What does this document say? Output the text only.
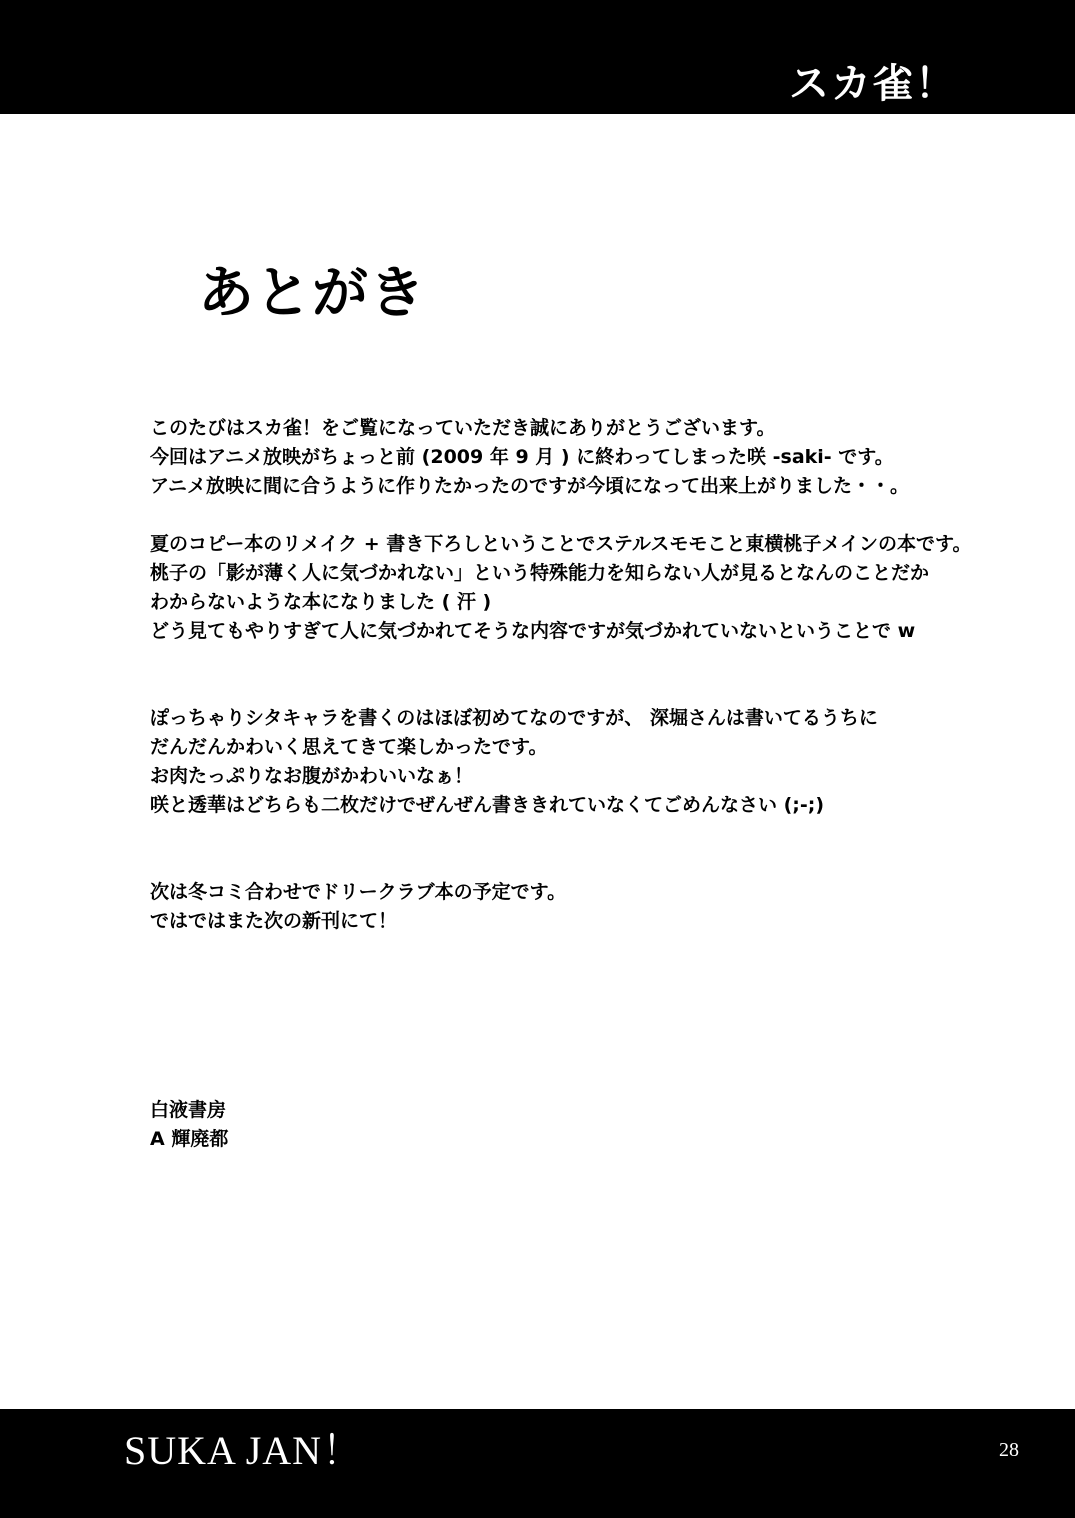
スカ雀！
あとがき

このたびはスカ雀！をご覧になっていただき誠にありがとうございます。
今回はアニメ放映がちょっと前 (2009 年 9 月 ) に終わってしまった咲 -saki- です。
アニメ放映に間に合うように作りたかったのですが今頃になって出来上がりました・・。

夏のコピー本のリメイク + 書き下ろしということでステルスモモこと東横桃子メインの本です。
桃子の「影が薄く人に気づかれない」という特殊能力を知らない人が見るとなんのことだか
わからないような本になりました ( 汗 )
どう見てもやりすぎて人に気づかれてそうな内容ですが気づかれていないということで w

ぽっちゃりシタキャラを書くのはほぼ初めてなのですが、 深堀さんは書いてるうちに
だんだんかわいく思えてきて楽しかったです。
お肉たっぷりなお腹がかわいいなぁ！
咲と透華はどちらも二枚だけでぜんぜん書ききれていなくてごめんなさい (;-;)

次は冬コミ合わせでドリークラブ本の予定です。
ではではまた次の新刊にて！

白液書房
A 輝廃都

SUKA JAN！	28
